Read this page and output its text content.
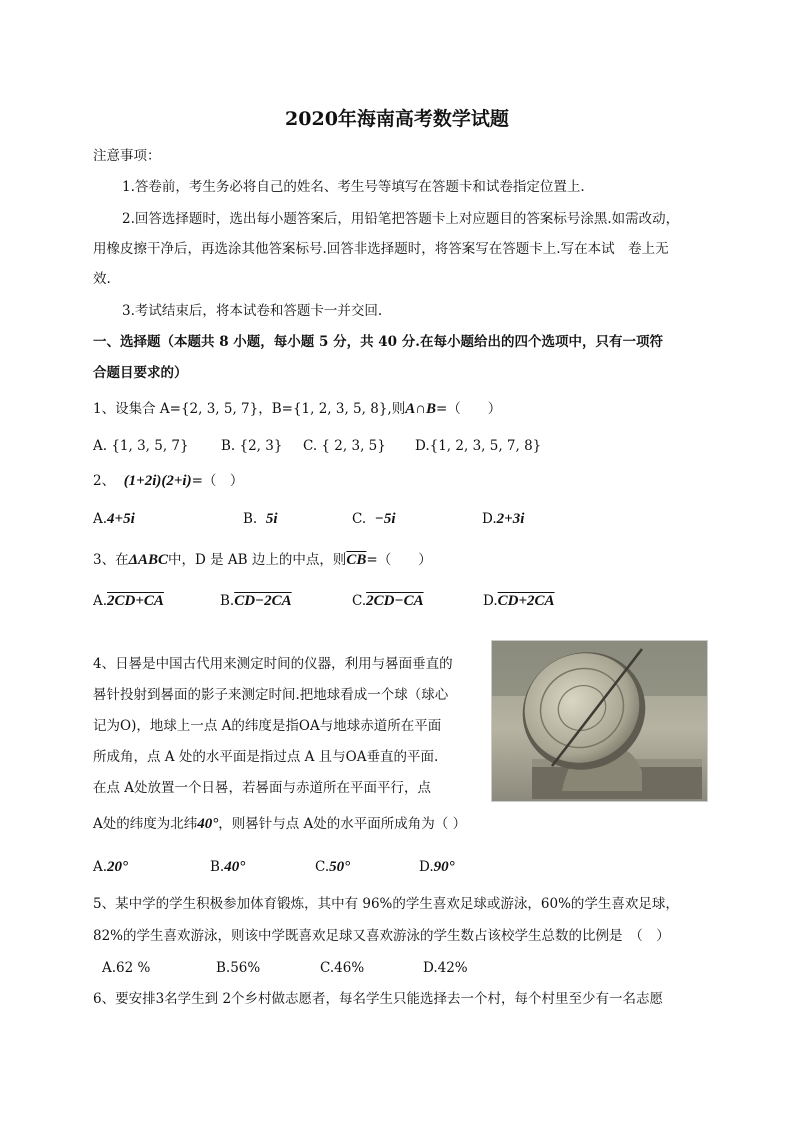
2020年海南高考数学试题
注意事项：
1.答卷前，考生务必将自己的姓名、考生号等填写在答题卡和试卷指定位置上.
2.回答选择题时，选出每小题答案后，用铅笔把答题卡上对应题目的答案标号涂黑.如需改动，
用橡皮擦干净后，再选涂其他答案标号.回答非选择题时，将答案写在答题卡上.写在本试　卷上无
效.
3.考试结束后，将本试卷和答题卡一并交回.
一、选择题（本题共 8 小题，每小题 5 分，共 40 分.在每小题给出的四个选项中，只有一项符
合题目要求的）
1、设集合 A={2, 3, 5, 7}，B={1, 2, 3, 5, 8},则A∩B=（　　）
A. {1, 3, 5, 7} B. {2, 3} C. { 2, 3, 5} D.{1, 2, 3, 5, 7, 8}
2、 (1+2i)(2+i)=（　）
A.4+5i	B. 5i	C. −5i	D.2+3i
3、在ΔABC中，D 是 AB 边上的中点，则$\overline{CB}=$（　　）
A.2CD+CA	B.CD−2CA	C.2CD−CA	D.CD+2CA
4、日晷是中国古代用来测定时间的仪器，利用与晷面垂直的
晷针投射到晷面的影子来测定时间.把地球看成一个球（球心
记为O)，地球上一点 A的纬度是指OA与地球赤道所在平面
所成角，点 A 处的水平面是指过点 A 且与OA垂直的平面.
在点 A处放置一个日晷，若晷面与赤道所在平面平行，点
A处的纬度为北纬40°，则晷针与点 A处的水平面所成角为（ ）
A.20°	B.40°	C.50°	D.90°
5、某中学的学生积极参加体育锻炼，其中有 96%的学生喜欢足球或游泳，60%的学生喜欢足球，
82%的学生喜欢游泳，则该中学既喜欢足球又喜欢游泳的学生数占该校学生总数的比例是　（　）
A.62 %	B.56%	C.46%	D.42%
6、要安排3名学生到 2个乡村做志愿者，每名学生只能选择去一个村，每个村里至少有一名志愿
